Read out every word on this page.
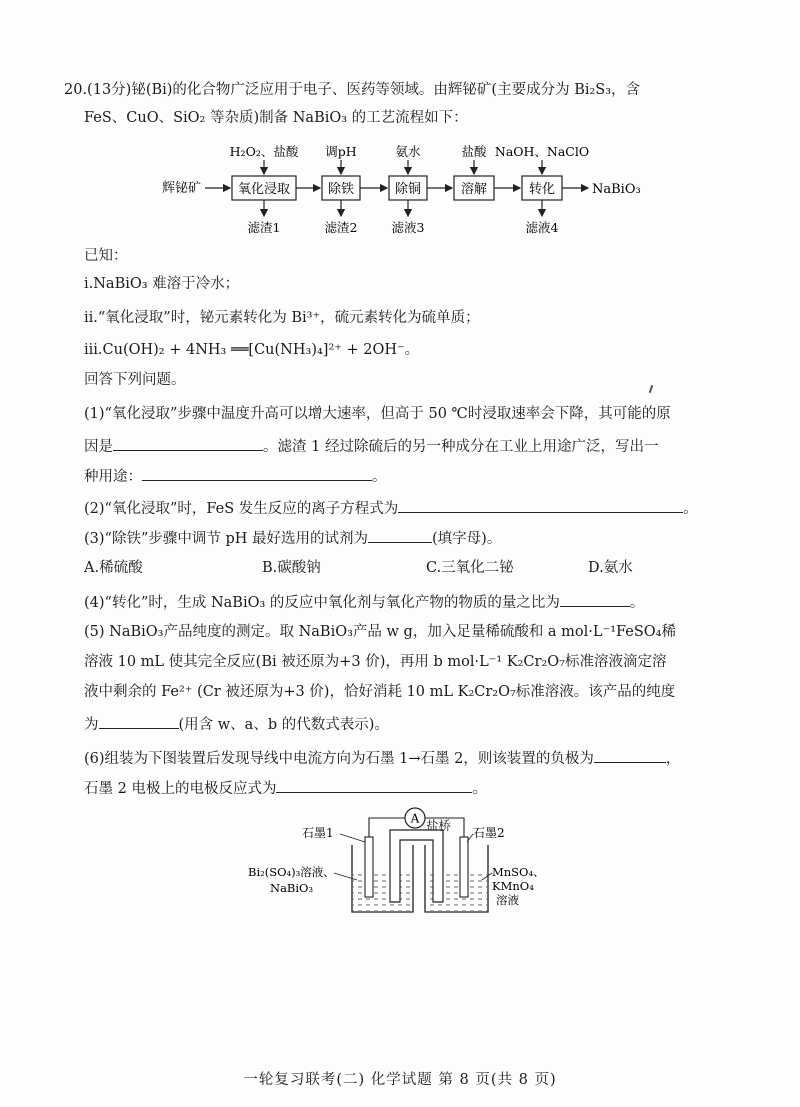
20.(13分)铋(Bi)的化合物广泛应用于电子、医药等领域。由辉铋矿(主要成分为 Bi₂S₃，含
FeS、CuO、SiO₂ 等杂质)制备 NaBiO₃ 的工艺流程如下：
辉铋矿	氧化浸取	除铁	除铜	溶解	转化	NaBiO₃
H₂O₂、盐酸 调pH	氨水	盐酸 NaOH、NaClO
滤渣1	滤渣2	滤液3	滤液4
已知：
ⅰ.NaBiO₃ 难溶于冷水；
ⅱ.“氧化浸取”时，铋元素转化为 Bi³⁺，硫元素转化为硫单质；
ⅲ.Cu(OH)₂ + 4NH₃ ══[Cu(NH₃)₄]²⁺ + 2OH⁻。
回答下列问题。
(1)“氧化浸取”步骤中温度升高可以增大速率，但高于 50 ℃时浸取速率会下降，其可能的原
因是	。滤渣 1 经过除硫后的另一种成分在工业上用途广泛，写出一
种用途：	。
(2)“氧化浸取”时，FeS 发生反应的离子方程式为	。
(3)“除铁”步骤中调节 pH 最好选用的试剂为	(填字母)。
A.稀硫酸	B.碳酸钠	C.三氧化二铋	D.氨水
(4)“转化”时，生成 NaBiO₃ 的反应中氧化剂与氧化产物的物质的量之比为	。
(5) NaBiO₃产品纯度的测定。取 NaBiO₃产品 w g，加入足量稀硫酸和 a mol·L⁻¹FeSO₄稀
溶液 10 mL 使其完全反应(Bi 被还原为+3 价)，再用 b mol·L⁻¹ K₂Cr₂O₇标准溶液滴定溶
液中剩余的 Fe²⁺ (Cr 被还原为+3 价)，恰好消耗 10 mL K₂Cr₂O₇标准溶液。该产品的纯度
为	(用含 w、a、b 的代数式表示)。
(6)组装为下图装置后发现导线中电流方向为石墨 1→石墨 2，则该装置的负极为	，
石墨 2 电极上的电极反应式为	。
A 盐桥
石墨1	石墨2
Bi₂(SO₄)₃溶液、
NaBiO₃
MnSO₄、
KMnO₄
溶液
一轮复习联考(二) 化学试题 第 8 页(共 8 页)
